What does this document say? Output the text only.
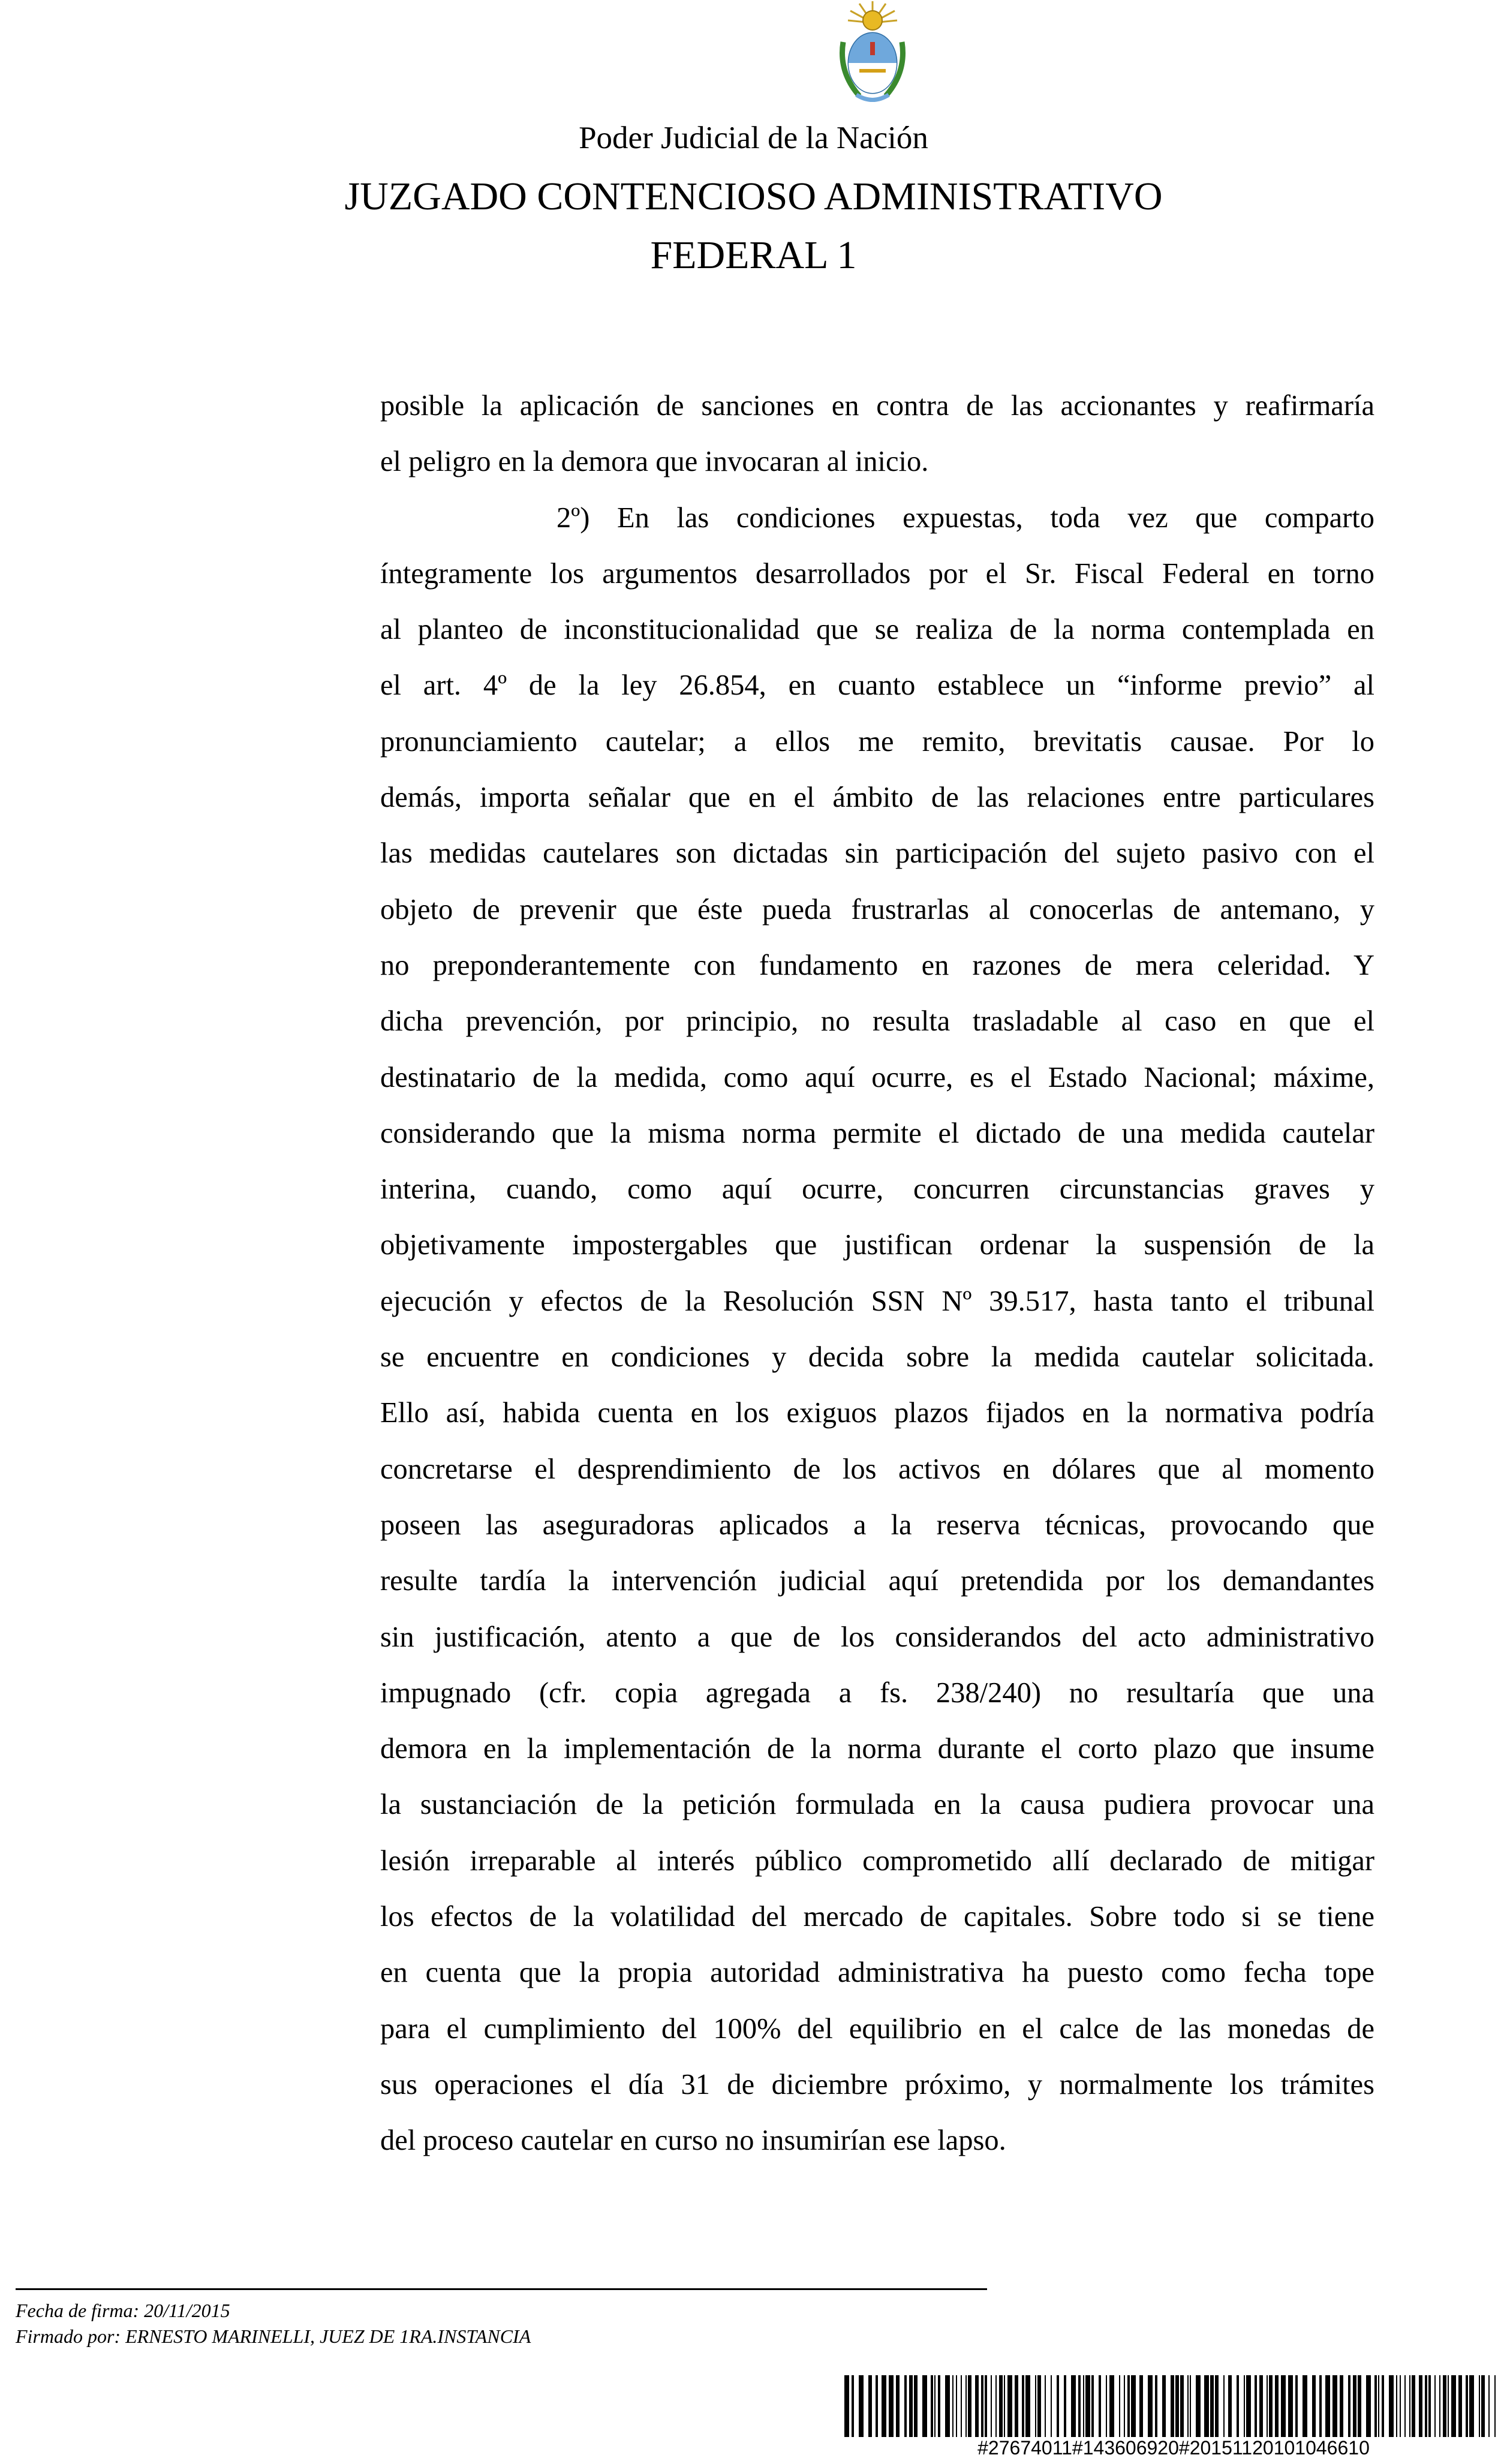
Poder Judicial de la Nación
JUZGADO CONTENCIOSO ADMINISTRATIVO
FEDERAL 1
posible la aplicación de sanciones en contra de las accionantes y reafirmaría
el peligro en la demora que invocaran al inicio.
2º) En las condiciones expuestas, toda vez que comparto
íntegramente los argumentos desarrollados por el Sr. Fiscal Federal en torno
al planteo de inconstitucionalidad que se realiza de la norma contemplada en
el art. 4º de la ley 26.854, en cuanto establece un “informe previo” al
pronunciamiento cautelar; a ellos me remito, brevitatis causae. Por lo
demás, importa señalar que en el ámbito de las relaciones entre particulares
las medidas cautelares son dictadas sin participación del sujeto pasivo con el
objeto de prevenir que éste pueda frustrarlas al conocerlas de antemano, y
no preponderantemente con fundamento en razones de mera celeridad. Y
dicha prevención, por principio, no resulta trasladable al caso en que el
destinatario de la medida, como aquí ocurre, es el Estado Nacional; máxime,
considerando que la misma norma permite el dictado de una medida cautelar
interina, cuando, como aquí ocurre, concurren circunstancias graves y
objetivamente impostergables que justifican ordenar la suspensión de la
ejecución y efectos de la Resolución SSN Nº 39.517, hasta tanto el tribunal
se encuentre en condiciones y decida sobre la medida cautelar solicitada.
Ello así, habida cuenta en los exiguos plazos fijados en la normativa podría
concretarse el desprendimiento de los activos en dólares que al momento
poseen las aseguradoras aplicados a la reserva técnicas, provocando que
resulte tardía la intervención judicial aquí pretendida por los demandantes
sin justificación, atento a que de los considerandos del acto administrativo
impugnado (cfr. copia agregada a fs. 238/240) no resultaría que una
demora en la implementación de la norma durante el corto plazo que insume
la sustanciación de la petición formulada en la causa pudiera provocar una
lesión irreparable al interés público comprometido allí declarado de mitigar
los efectos de la volatilidad del mercado de capitales. Sobre todo si se tiene
en cuenta que la propia autoridad administrativa ha puesto como fecha tope
para el cumplimiento del 100% del equilibrio en el calce de las monedas de
sus operaciones el día 31 de diciembre próximo, y normalmente los trámites
del proceso cautelar en curso no insumirían ese lapso.
Fecha de firma: 20/11/2015
Firmado por: ERNESTO MARINELLI, JUEZ DE 1RA.INSTANCIA
#27674011#143606920#20151120101046610
